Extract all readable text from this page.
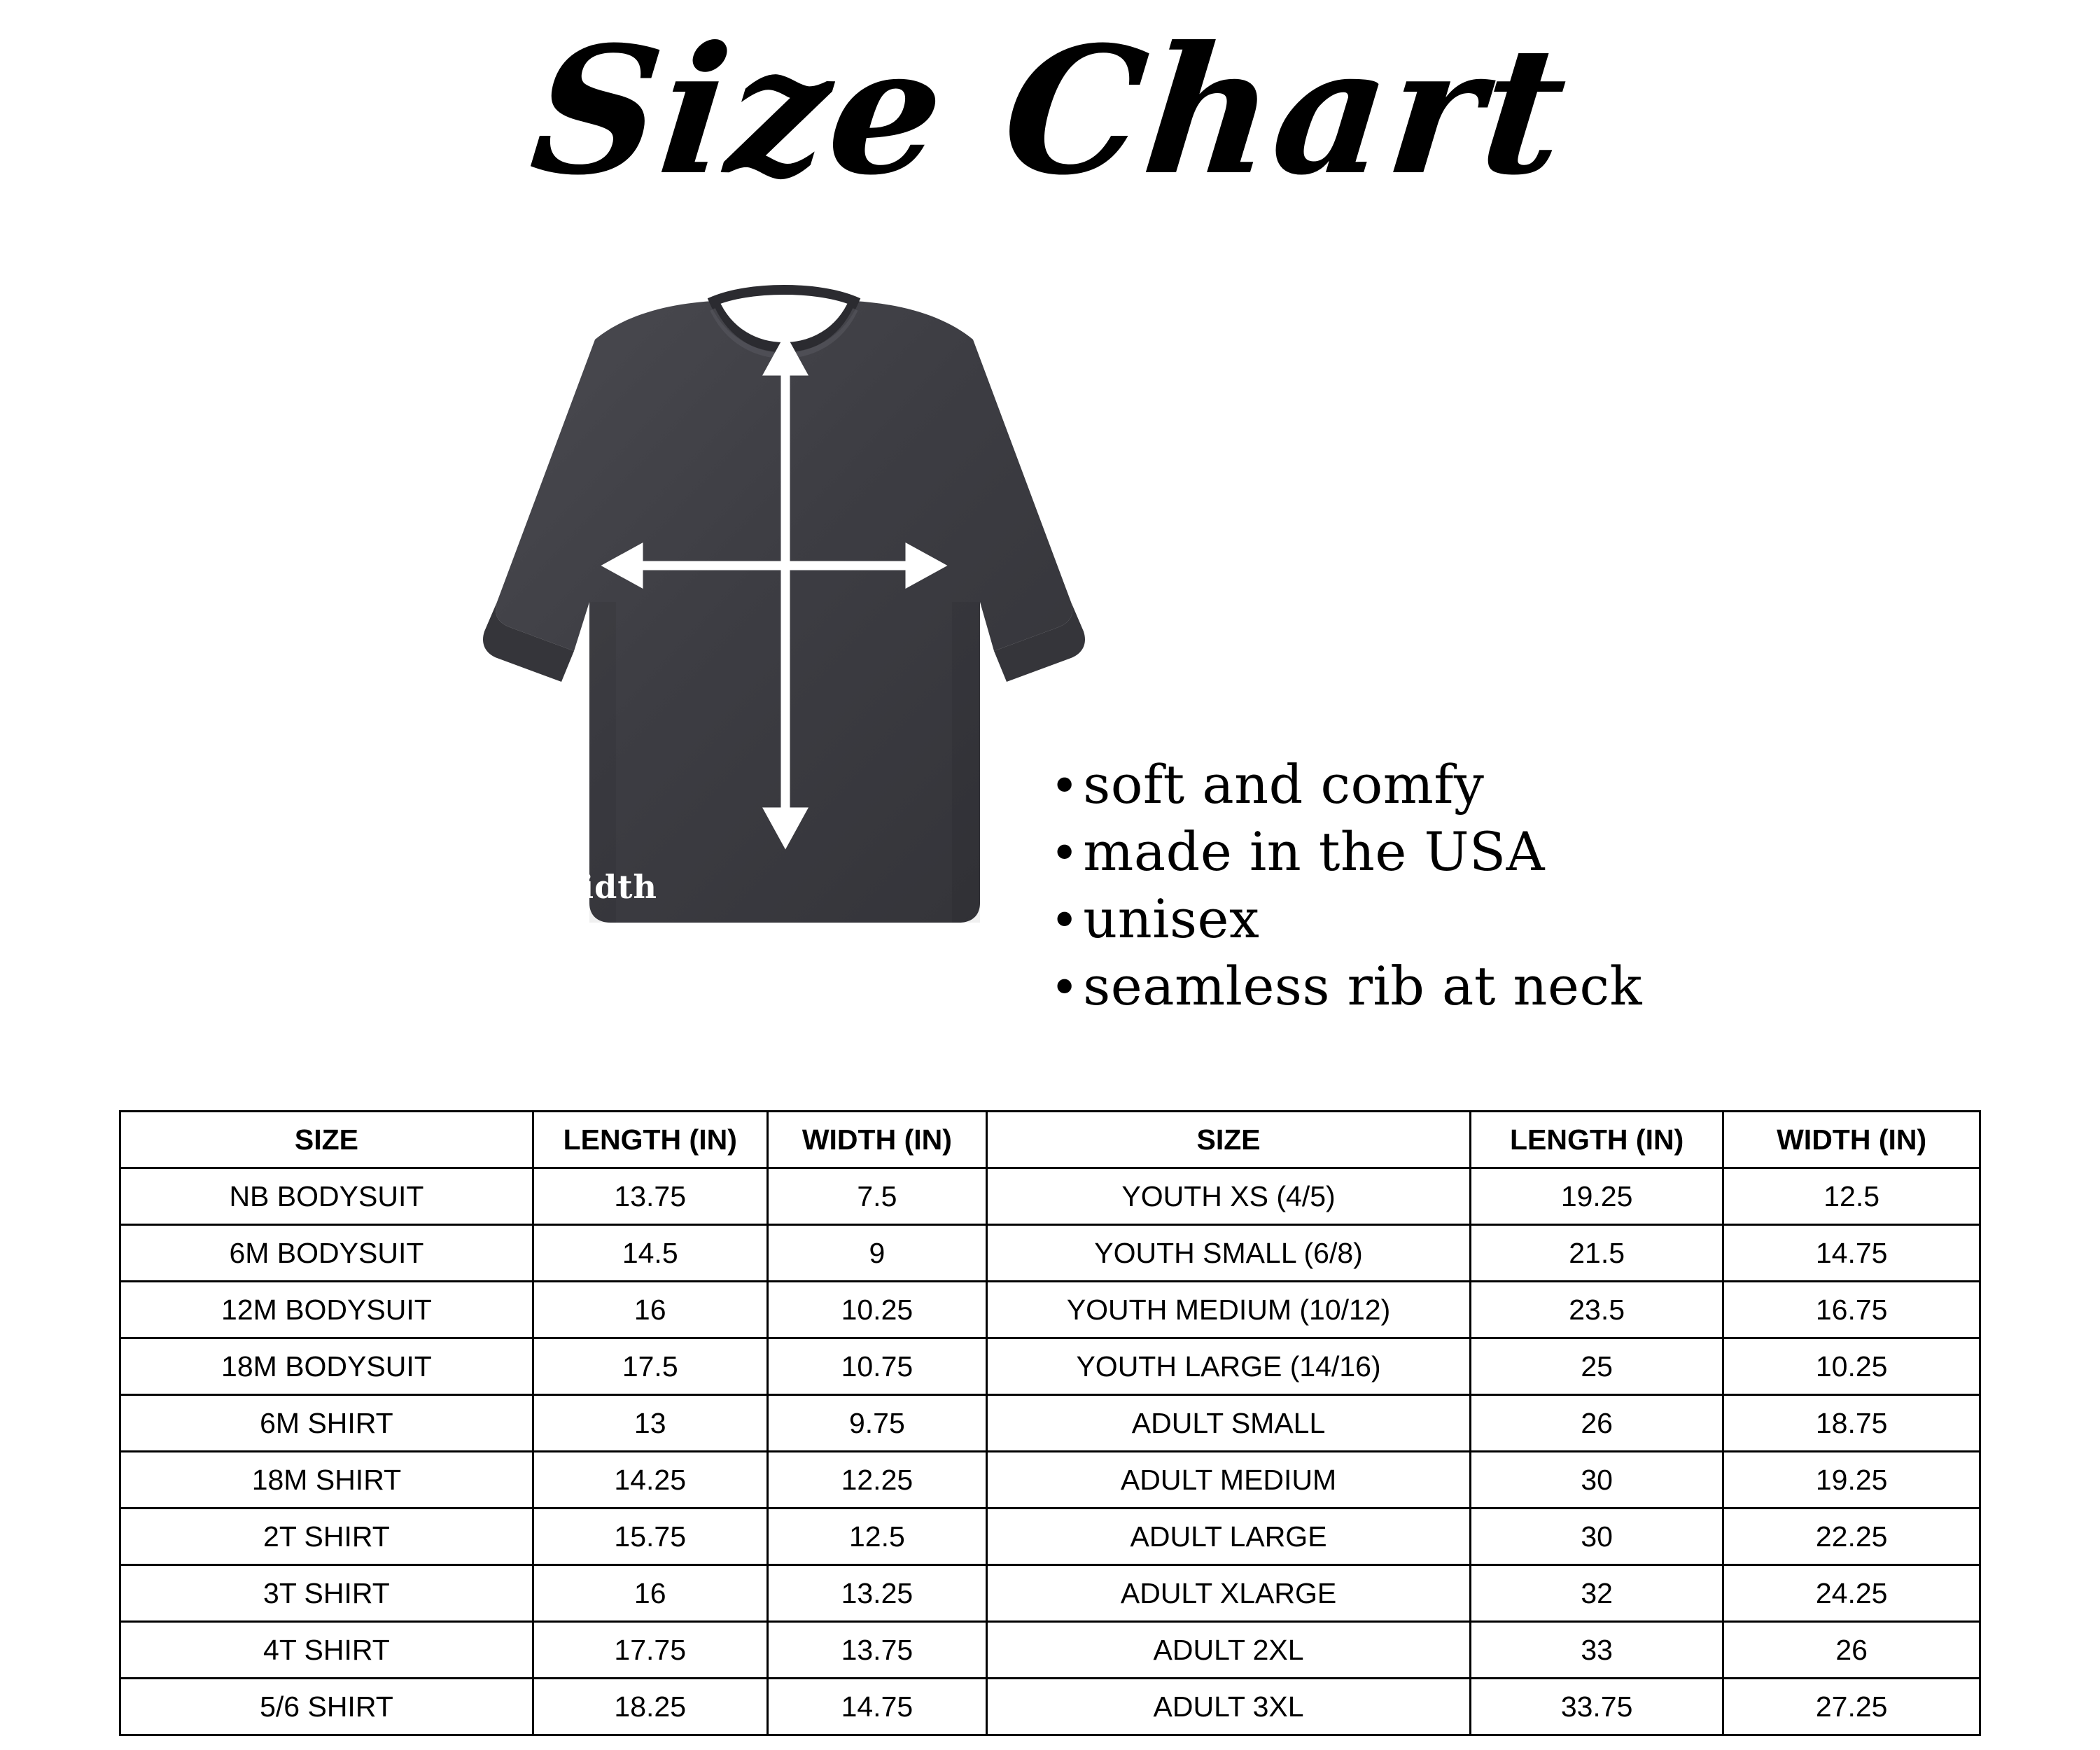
Size Chart
width
length
• soft and comfy
• made in the USA
• unisex
• seamless rib at neck
SIZE	LENGTH (IN)	WIDTH (IN)	SIZE	LENGTH (IN)	WIDTH (IN)
NB BODYSUIT	13.75	7.5	YOUTH XS (4/5)	19.25	12.5
6M BODYSUIT	14.5	9	YOUTH SMALL (6/8)	21.5	14.75
12M BODYSUIT	16	10.25	YOUTH MEDIUM (10/12)	23.5	16.75
18M BODYSUIT	17.5	10.75	YOUTH LARGE (14/16)	25	10.25
6M SHIRT	13	9.75	ADULT SMALL	26	18.75
18M SHIRT	14.25	12.25	ADULT MEDIUM	30	19.25
2T SHIRT	15.75	12.5	ADULT LARGE	30	22.25
3T SHIRT	16	13.25	ADULT XLARGE	32	24.25
4T SHIRT	17.75	13.75	ADULT 2XL	33	26
5/6 SHIRT	18.25	14.75	ADULT 3XL	33.75	27.25
